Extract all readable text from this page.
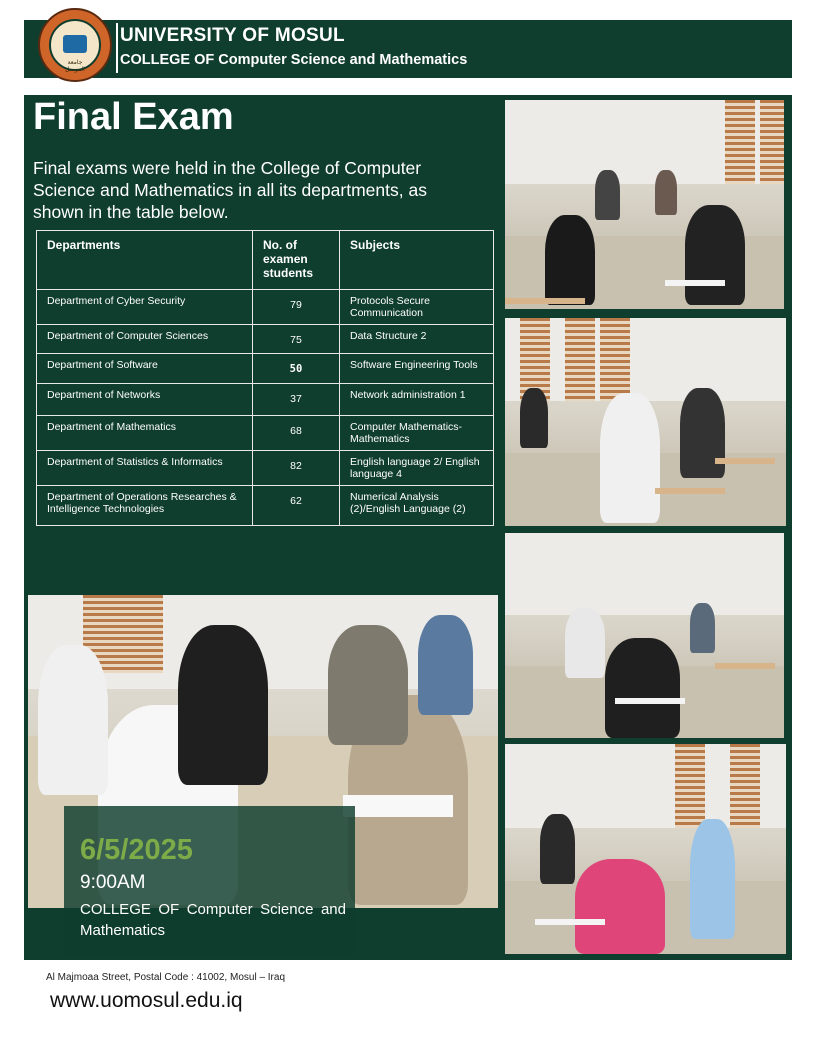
جامعة الموصل
UNIVERSITY OF MOSUL
COLLEGE OF Computer Science and Mathematics
Final Exam
Final exams were held in the College of Computer Science and Mathematics in all its departments, as shown in the table below.
Departments	No. of examen students	Subjects
Department of Cyber Security	79	Protocols Secure Communication
Department of Computer Sciences	75	Data Structure 2
Department of Software	50	Software Engineering Tools
Department of Networks	37	Network administration 1
Department of Mathematics	68	Computer Mathematics- Mathematics
Department of Statistics & Informatics	82	English language 2/ English language 4
Department of Operations Researches & Intelligence Technologies	62	Numerical Analysis (2)/English Language (2)
6/5/2025
9:00AM
COLLEGE OF Computer Science and Mathematics
Al Majmoaa Street, Postal Code : 41002, Mosul – Iraq
www.uomosul.edu.iq
